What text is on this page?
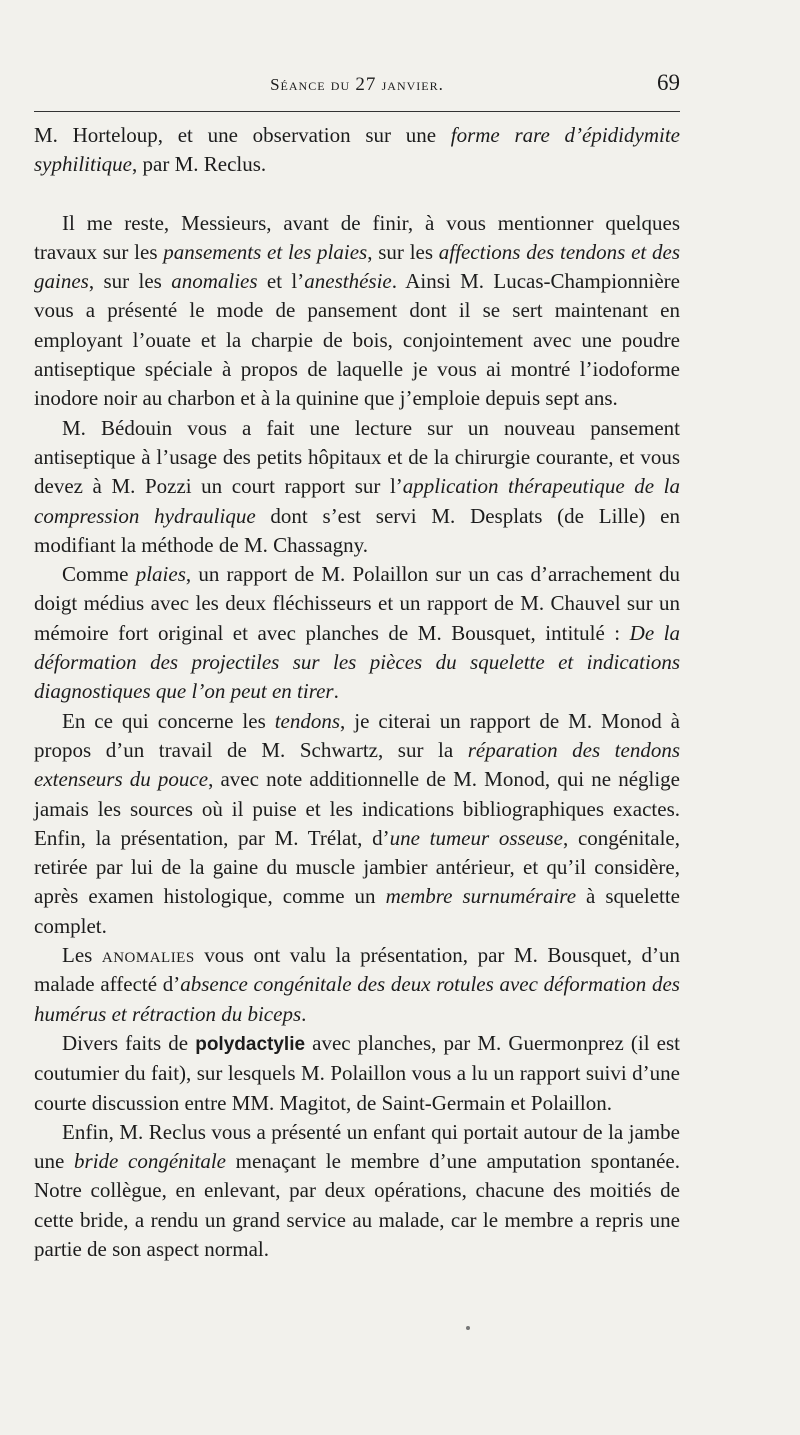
Séance du 27 janvier.	69

M. Horteloup, et une observation sur une forme rare d’épididymite syphilitique, par M. Reclus.

Il me reste, Messieurs, avant de finir, à vous mentionner quelques travaux sur les pansements et les plaies, sur les affections des tendons et des gaines, sur les anomalies et l’anesthésie. Ainsi M. Lucas-Championnière vous a présenté le mode de pansement dont il se sert maintenant en employant l’ouate et la charpie de bois, conjointement avec une poudre antiseptique spéciale à propos de laquelle je vous ai montré l’iodoforme inodore noir au charbon et à la quinine que j’emploie depuis sept ans.

M. Bédouin vous a fait une lecture sur un nouveau pansement antiseptique à l’usage des petits hôpitaux et de la chirurgie courante, et vous devez à M. Pozzi un court rapport sur l’application thérapeutique de la compression hydraulique dont s’est servi M. Desplats (de Lille) en modifiant la méthode de M. Chassagny.

Comme plaies, un rapport de M. Polaillon sur un cas d’arrachement du doigt médius avec les deux fléchisseurs et un rapport de M. Chauvel sur un mémoire fort original et avec planches de M. Bousquet, intitulé : De la déformation des projectiles sur les pièces du squelette et indications diagnostiques que l’on peut en tirer.

En ce qui concerne les tendons, je citerai un rapport de M. Monod à propos d’un travail de M. Schwartz, sur la réparation des tendons extenseurs du pouce, avec note additionnelle de M. Monod, qui ne néglige jamais les sources où il puise et les indications bibliographiques exactes. Enfin, la présentation, par M. Trélat, d’une tumeur osseuse, congénitale, retirée par lui de la gaine du muscle jambier antérieur, et qu’il considère, après examen histologique, comme un membre surnuméraire à squelette complet.

Les anomalies vous ont valu la présentation, par M. Bousquet, d’un malade affecté d’absence congénitale des deux rotules avec déformation des humérus et rétraction du biceps.

Divers faits de polydactylie avec planches, par M. Guermonprez (il est coutumier du fait), sur lesquels M. Polaillon vous a lu un rapport suivi d’une courte discussion entre MM. Magitot, de Saint-Germain et Polaillon.

Enfin, M. Reclus vous a présenté un enfant qui portait autour de la jambe une bride congénitale menaçant le membre d’une amputation spontanée. Notre collègue, en enlevant, par deux opérations, chacune des moitiés de cette bride, a rendu un grand service au malade, car le membre a repris une partie de son aspect normal.
